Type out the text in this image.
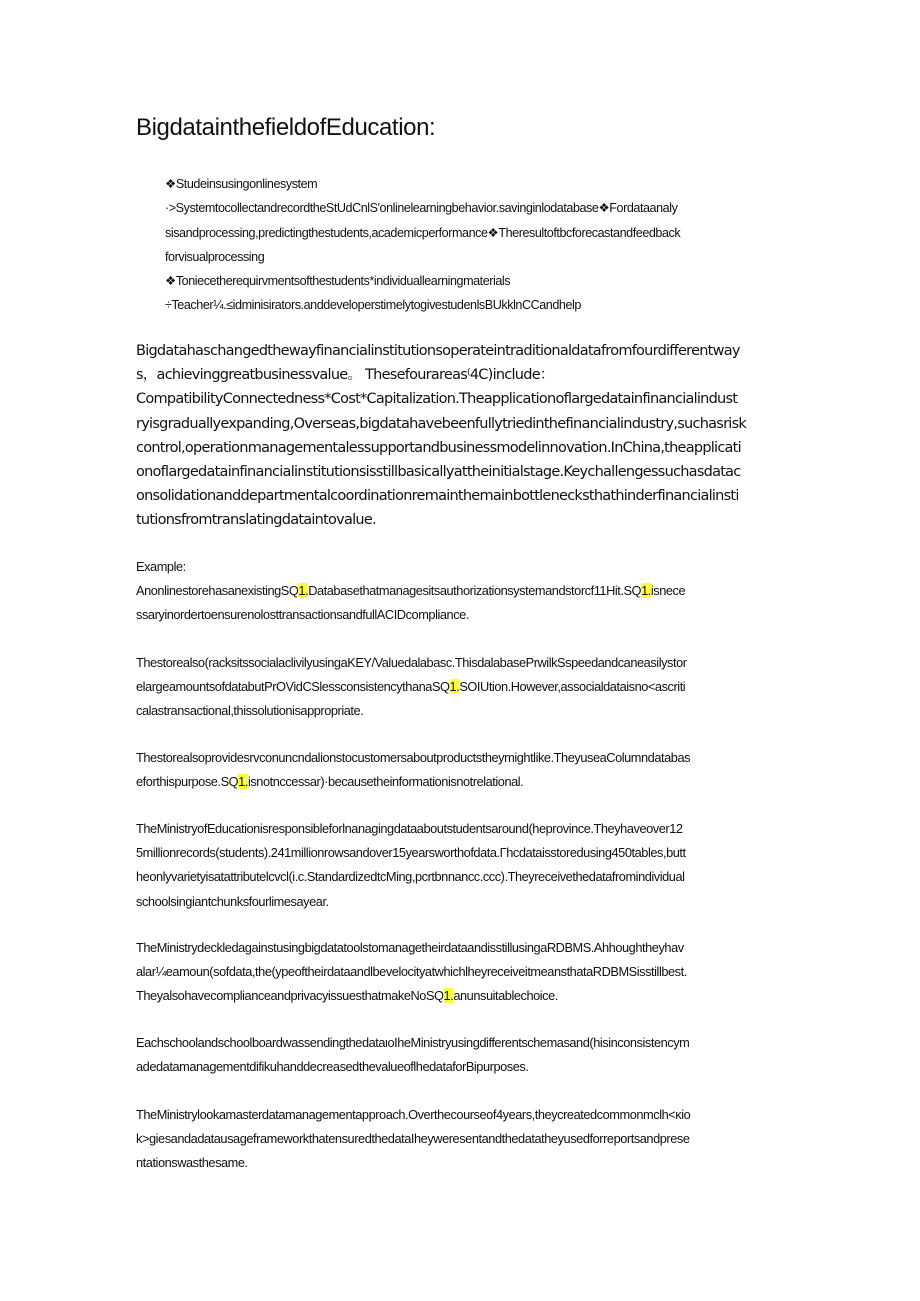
BigdatainthefieldofEducation:
❖Studeinsusingonlinesystem
·>SystemtocollectandrecordtheStUdCnlS'onlinelearningbehavior.savinginlodatabase❖Fordataanaly
sisandprocessing,predictingthestudents,academicperformance❖Theresultoftbcforecastandfeedback
forvisualprocessing
❖Toniecetherequirvmentsofthestudents*individuallearningmaterials
÷Teacher¼.≤idminisirators.anddeveloperstimelytogivestudenlsBUkklnCCandhelp
Bigdatahaschangedthewayfinancialinstitutionsoperateintraditionaldatafromfourdifferentway
s，achievinggreatbusinessvalue。 Thesefourareas⁽4C)include：
CompatibilityConnectedness*Cost*Capitalization.Theapplicationoflargedatainfinancialindust
ryisgraduallyexpanding,Overseas,bigdatahavebeenfullytriedinthefinancialindustry,suchasrisk
control,operationmanagementalessupportandbusinessmodelinnovation.InChina,theapplicati
onoflargedatainfinancialinstitutionsisstillbasicallyattheinitialstage.Keychallengessuchasdatac
onsolidationanddepartmentalcoordinationremainthemainbottlenecksthathinderfinancialinsti
tutionsfromtranslatingdataintovalue.
Example:
AnonlinestorehasanexistingSQ1.Databasethatmanagesitsauthorizationsystemandstorcf11Hit.SQ1.isnece
ssaryinordertoensurenolosttransactionsandfullACIDcompliance.
Thestorealso(racksitssocialaclivilyusingaKEY/Valuedalabasc.ThisdalabasePrwilkSspeedandcaneasilystor
elargeamountsofdatabutPrOVidCSlessconsistencythanaSQ1.SOIUtion.However,associaldataisno<ascriti
calastransactional,thissolutionisappropriate.
Thestorealsoprovidesrvconuncndalionstocustomersaboutproductstheymightlike.TheyuseaColumndatabas
eforthispurpose.SQ1.isnotnccessar)·becausetheinformationisnotrelational.
TheMinistryofEducationisresponsibleforlnanagingdataaboutstudentsaround(heprovince.Theyhaveover12
5millionrecords(students).241millionrowsandover15yearsworthofdata.Γhcdataisstoredusing450tables,butt
heonlyvarietyisatattributelcvcl(i.c.StandardizedtcMing,pcrtbnnancc.ccc).Theyreceivethedatafromindividual
schoolsingiantchunksfourlimesayear.
TheMinistrydeckledagainstusingbigdatatoolstomanagetheirdataandisstillusingaRDBMS.Ahhoughtheyhav
alar¼eamoun(sofdata,the(ypeoftheirdataandlbevelocityatwhichlheyreceiveitmeansthataRDBMSisstillbest.
TheyalsohavecomplianceandprivacyissuesthatmakeNoSQ1.anunsuitablechoice.
EachschoolandschoolboardwassendingthedataιoIheMinistryusingdifferentschemasand(hisinconsistencym
adedatamanagementdifikuhanddecreasedthevalueoflhedataforBipurposes.
TheMinistrylookamasterdatamanagementapproach.Overthecourseof4years,theycreatedcommonmclh<κio
k>giesandadatausageframeworkthatensuredthedataIheyweresentandthedatatheyusedforreportsandprese
ntationswasthesame.
